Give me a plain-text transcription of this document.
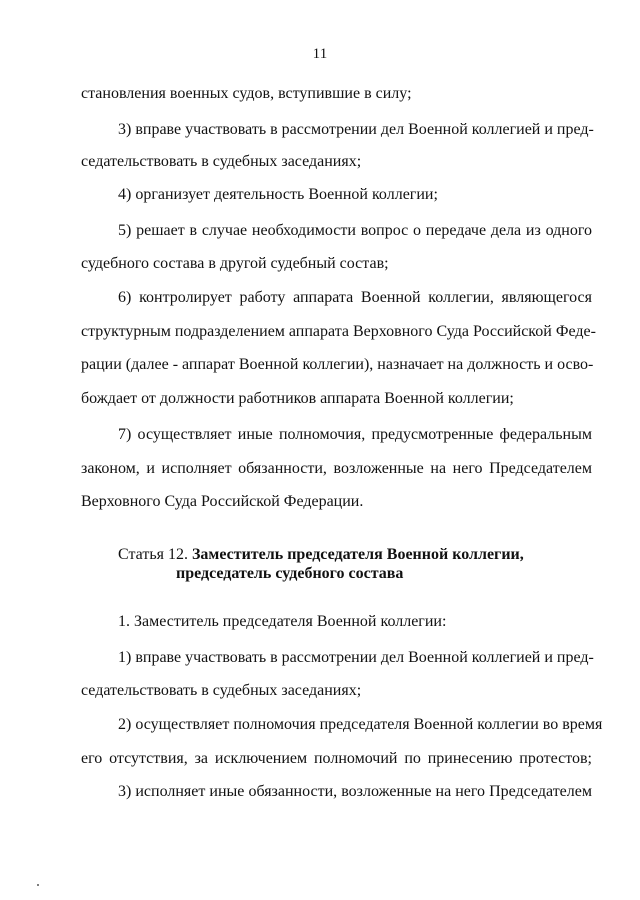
11
становления военных судов, вступившие в силу;
3) вправе участвовать в рассмотрении дел Военной коллегией и пред-
седательствовать в судебных заседаниях;
4) организует деятельность Военной коллегии;
5) решает в случае необходимости вопрос о передаче дела из одного
судебного состава в другой судебный состав;
6) контролирует работу аппарата Военной коллегии, являющегося
структурным подразделением аппарата Верховного Суда Российской Феде-
рации (далее - аппарат Военной коллегии), назначает на должность и осво-
бождает от должности работников аппарата Военной коллегии;
7) осуществляет иные полномочия, предусмотренные федеральным
законом, и исполняет обязанности, возложенные на него Председателем
Верховного Суда Российской Федерации.
Статья 12. Заместитель председателя Военной коллегии,
председатель судебного состава
1. Заместитель председателя Военной коллегии:
1) вправе участвовать в рассмотрении дел Военной коллегией и пред-
седательствовать в судебных заседаниях;
2) осуществляет полномочия председателя Военной коллегии во время
его отсутствия, за исключением полномочий по принесению протестов;
3) исполняет иные обязанности, возложенные на него Председателем
